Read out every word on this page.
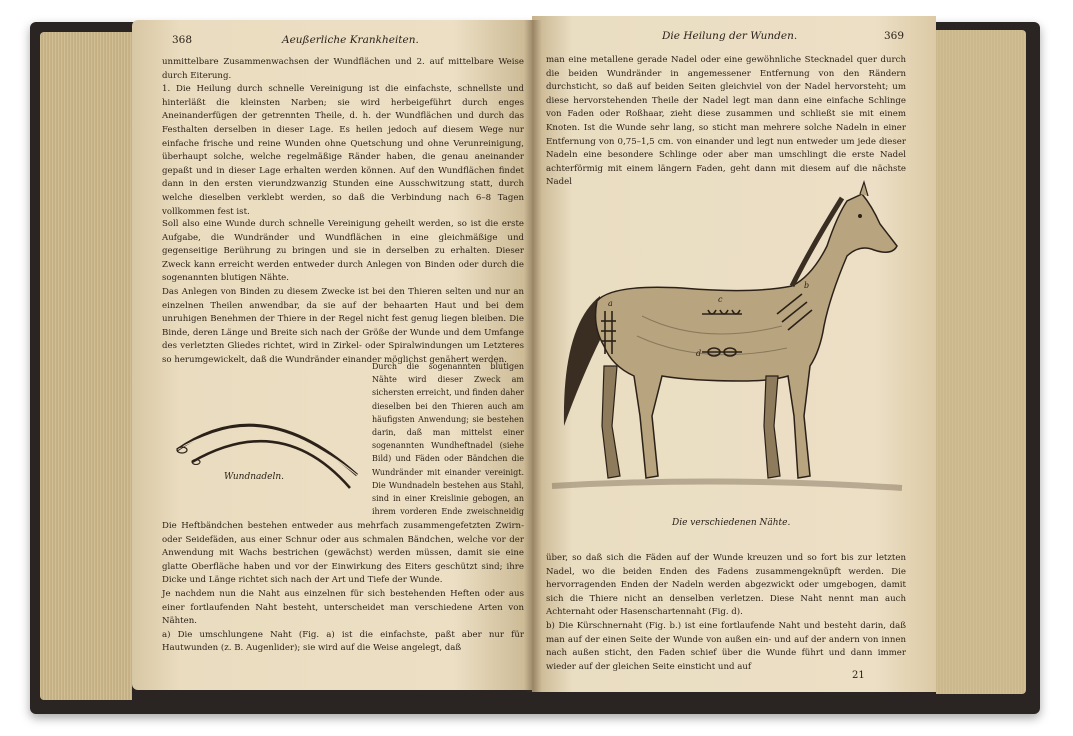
368	Aeußerliche Krankheiten.
unmittelbare Zusammenwachsen der Wundflächen und 2. auf mittelbare Weise durch Eiterung.
1. Die Heilung durch schnelle Vereinigung ist die einfachste, schnellste und hinterläßt die kleinsten Narben; sie wird herbeigeführt durch enges Aneinanderfügen der getrennten Theile, d. h. der Wundflächen und durch das Festhalten derselben in dieser Lage. Es heilen jedoch auf diesem Wege nur einfache frische und reine Wunden ohne Quetschung und ohne Verunreinigung, überhaupt solche, welche regelmäßige Ränder haben, die genau aneinander gepaßt und in dieser Lage erhalten werden können. Auf den Wundflächen findet dann in den ersten vierundzwanzig Stunden eine Ausschwitzung statt, durch welche dieselben verklebt werden, so daß die Verbindung nach 6–8 Tagen vollkommen fest ist.
Soll also eine Wunde durch schnelle Vereinigung geheilt werden, so ist die erste Aufgabe, die Wundränder und Wundflächen in eine gleichmäßige und gegenseitige Berührung zu bringen und sie in derselben zu erhalten. Dieser Zweck kann erreicht werden entweder durch Anlegen von Binden oder durch die sogenannten blutigen Nähte.
Das Anlegen von Binden zu diesem Zwecke ist bei den Thieren selten und nur an einzelnen Theilen anwendbar, da sie auf der behaarten Haut und bei dem unruhigen Benehmen der Thiere in der Regel nicht fest genug liegen bleiben. Die Binde, deren Länge und Breite sich nach der Größe der Wunde und dem Umfange des verletzten Gliedes richtet, wird in Zirkel- oder Spiralwindungen um Letzteres so herumgewickelt, daß die Wundränder einander möglichst genähert werden.
Durch die sogenannten blutigen Nähte wird dieser Zweck am sichersten erreicht, und finden daher dieselben bei den Thieren auch am häufigsten Anwendung; sie bestehen darin, daß man mittelst einer sogenannten Wundheftnadel (siehe Bild) und Fäden oder Bändchen die Wundränder mit einander vereinigt. Die Wundnadeln bestehen aus Stahl, sind in einer Kreislinie gebogen, an ihrem vorderen Ende zweischneidig
Wundnadeln.
Die Heftbändchen bestehen entweder aus mehrfach zusammengefetzten Zwirn- oder Seidefäden, aus einer Schnur oder aus schmalen Bändchen, welche vor der Anwendung mit Wachs bestrichen (gewächst) werden müssen, damit sie eine glatte Oberfläche haben und vor der Einwirkung des Eiters geschützt sind; ihre Dicke und Länge richtet sich nach der Art und Tiefe der Wunde.
Je nachdem nun die Naht aus einzelnen für sich bestehenden Heften oder aus einer fortlaufenden Naht besteht, unterscheidet man verschiedene Arten von Nähten.
a) Die umschlungene Naht (Fig. a) ist die einfachste, paßt aber nur für Hautwunden (z. B. Augenlider); sie wird auf die Weise angelegt, daß
Die Heilung der Wunden.	369
man eine metallene gerade Nadel oder eine gewöhnliche Stecknadel quer durch die beiden Wundränder in angemessener Entfernung von den Rändern durchsticht, so daß auf beiden Seiten gleichviel von der Nadel hervorsteht; um diese hervorstehenden Theile der Nadel legt man dann eine einfache Schlinge von Faden oder Roßhaar, zieht diese zusammen und schließt sie mit einem Knoten. Ist die Wunde sehr lang, so sticht man mehrere solche Nadeln in einer Entfernung von 0,75–1,5 cm. von einander und legt nun entweder um jede dieser Nadeln eine besondere Schlinge oder aber man umschlingt die erste Nadel achterförmig mit einem längern Faden, geht dann mit diesem auf die nächste Nadel
a
b
c
d
Die verschiedenen Nähte.
über, so daß sich die Fäden auf der Wunde kreuzen und so fort bis zur letzten Nadel, wo die beiden Enden des Fadens zusammengeknüpft werden. Die hervorragenden Enden der Nadeln werden abgezwickt oder umgebogen, damit sich die Thiere nicht an denselben verletzen. Diese Naht nennt man auch Achternaht oder Hasenschartennaht (Fig. d).
b) Die Kürschnernaht (Fig. b.) ist eine fortlaufende Naht und besteht darin, daß man auf der einen Seite der Wunde von außen ein- und auf der andern von innen nach außen sticht, den Faden schief über die Wunde führt und dann immer wieder auf der gleichen Seite einsticht und auf
21
